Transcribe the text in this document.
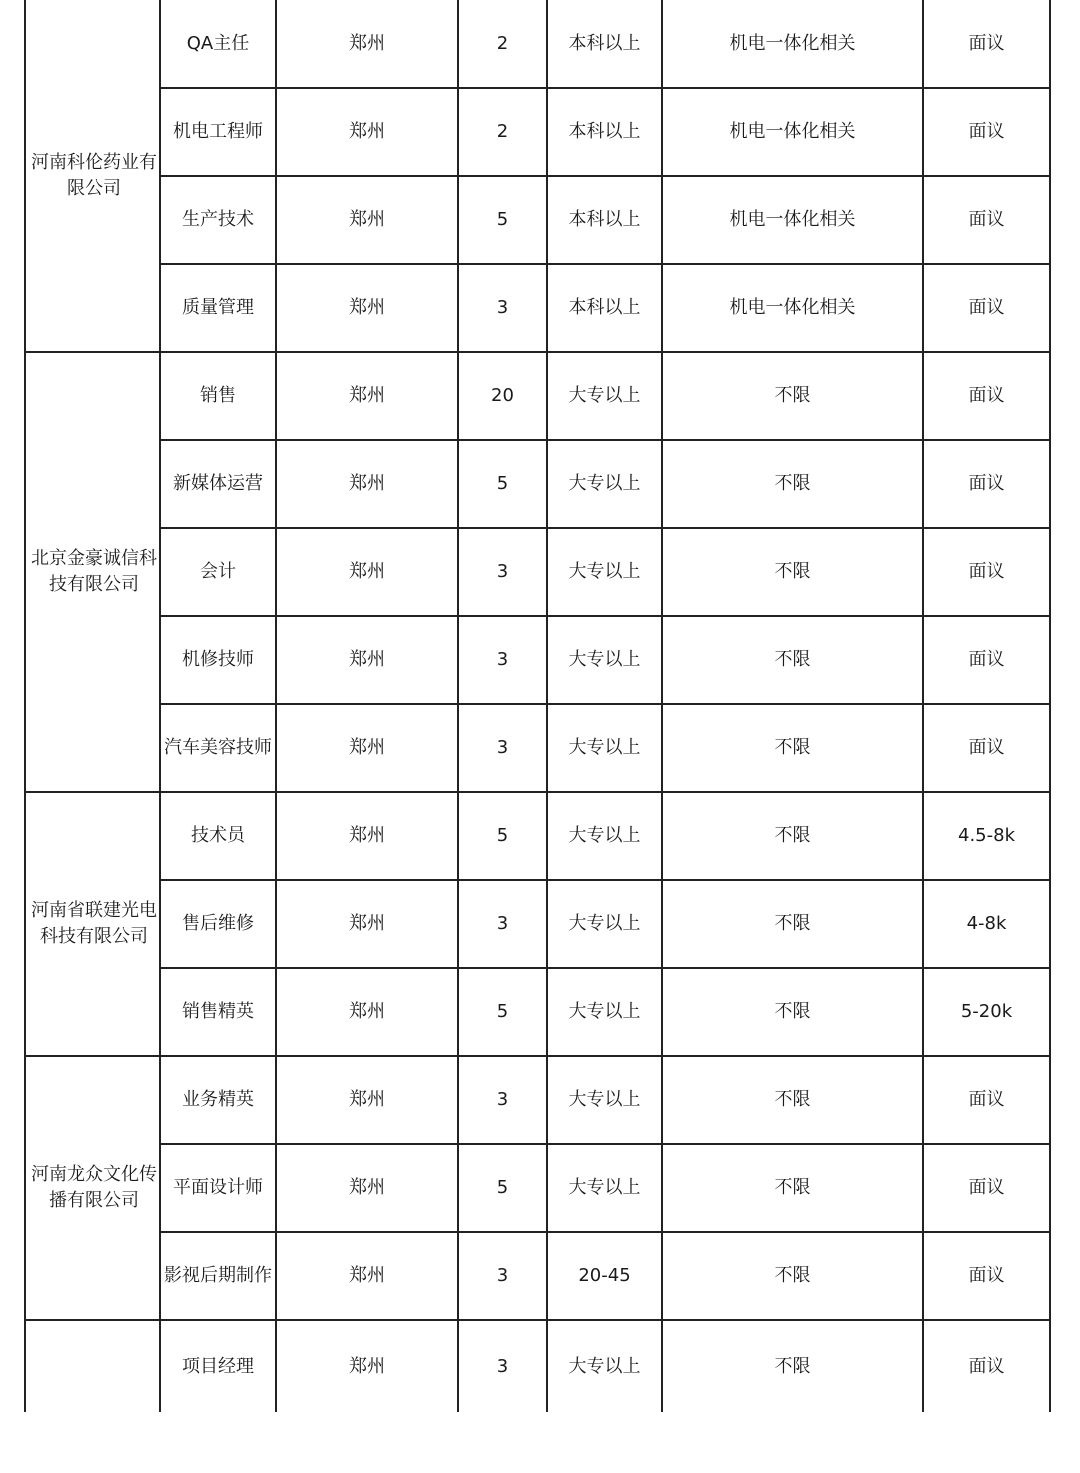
河南科伦药业有限公司	QA主任	郑州	2	本科以上	机电一体化相关	面议
	机电工程师	郑州	2	本科以上	机电一体化相关	面议
	生产技术	郑州	5	本科以上	机电一体化相关	面议
	质量管理	郑州	3	本科以上	机电一体化相关	面议
北京金豪诚信科技有限公司	销售	郑州	20	大专以上	不限	面议
	新媒体运营	郑州	5	大专以上	不限	面议
	会计	郑州	3	大专以上	不限	面议
	机修技师	郑州	3	大专以上	不限	面议
	汽车美容技师	郑州	3	大专以上	不限	面议
河南省联建光电科技有限公司	技术员	郑州	5	大专以上	不限	4.5-8k
	售后维修	郑州	3	大专以上	不限	4-8k
	销售精英	郑州	5	大专以上	不限	5-20k
河南龙众文化传播有限公司	业务精英	郑州	3	大专以上	不限	面议
	平面设计师	郑州	5	大专以上	不限	面议
	影视后期制作	郑州	3	20-45	不限	面议
	项目经理	郑州	3	大专以上	不限	面议
